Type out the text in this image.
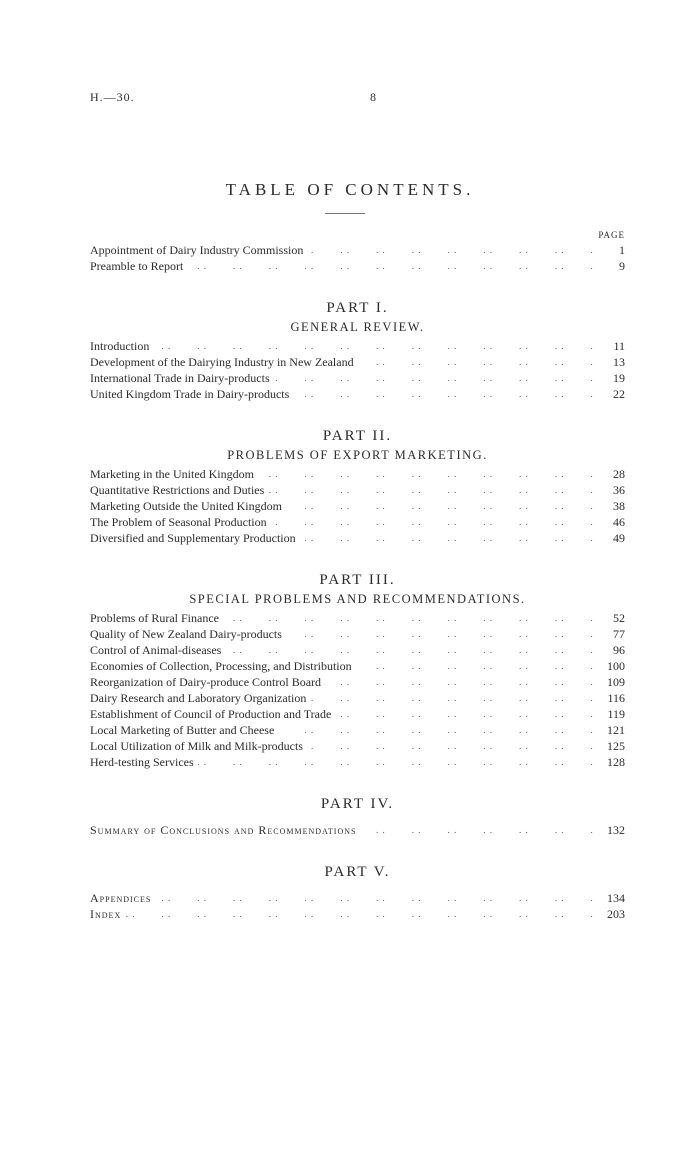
H.—30.	8
TABLE OF CONTENTS.
PAGE
Appointment of Dairy Industry Commission	1
. .
Preamble to Report	9
. .
PART I.
GENERAL REVIEW.
Introduction	11
. .
Development of the Dairying Industry in New Zealand	13
. .
International Trade in Dairy-products	19
. .
United Kingdom Trade in Dairy-products	22
. .
PART II.
PROBLEMS OF EXPORT MARKETING.
Marketing in the United Kingdom	28
. .
Quantitative Restrictions and Duties	36
. .
Marketing Outside the United Kingdom	38
. .
The Problem of Seasonal Production	46
. .
Diversified and Supplementary Production	49
. .
PART III.
SPECIAL PROBLEMS AND RECOMMENDATIONS.
Problems of Rural Finance	52
. .
Quality of New Zealand Dairy-products	77
. .
Control of Animal-diseases	96
. .
Economies of Collection, Processing, and Distribution	100
. .
Reorganization of Dairy-produce Control Board	109
. .
Dairy Research and Laboratory Organization	116
. .
Establishment of Council of Production and Trade	119
. .
Local Marketing of Butter and Cheese	121
. .
Local Utilization of Milk and Milk-products	125
. .
Herd-testing Services	128
. .
PART IV.
Summary of Conclusions and Recommendations	132
. .
PART V.
Appendices	134
. .
Index	203
. .
